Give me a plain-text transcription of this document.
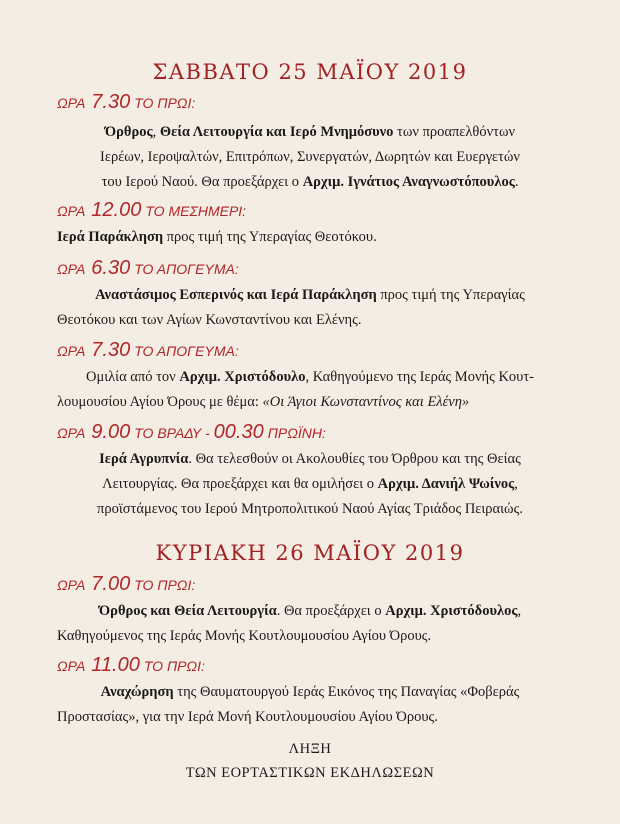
ΣΑΒΒΑΤΟ 25 ΜΑΪΟΥ 2019
ΩΡΑ 7.30 ΤΟ ΠΡΩΙ:
Όρθρος, Θεία Λειτουργία και Ιερό Μνημόσυνο των προαπελθόντων
Ιερέων, Ιεροψαλτών, Επιτρόπων, Συνεργατών, Δωρητών και Ευεργετών
του Ιερού Ναού. Θα προεξάρχει ο Αρχιμ. Ιγνάτιος Αναγνωστόπουλος.
ΩΡΑ 12.00 ΤΟ ΜΕΣΗΜΕΡΙ:
Ιερά Παράκληση προς τιμή της Υπεραγίας Θεοτόκου.
ΩΡΑ 6.30 ΤΟ ΑΠΟΓΕΥΜΑ:
Αναστάσιμος Εσπερινός και Ιερά Παράκληση προς τιμή της Υπεραγίας
Θεοτόκου και των Αγίων Κωνσταντίνου και Ελένης.
ΩΡΑ 7.30 ΤΟ ΑΠΟΓΕΥΜΑ:
Ομιλία από τον Αρχιμ. Χριστόδουλο, Καθηγούμενο της Ιεράς Μονής Κουτ-
λουμουσίου Αγίου Όρους με θέμα: «Οι Άγιοι Κωνσταντίνος και Ελένη»
ΩΡΑ 9.00 ΤΟ ΒΡΑΔΥ - 00.30 ΠΡΩΪΝΗ:
Ιερά Αγρυπνία. Θα τελεσθούν οι Ακολουθίες του Όρθρου και της Θείας
Λειτουργίας. Θα προεξάρχει και θα ομιλήσει ο Αρχιμ. Δανιήλ Ψωίνος,
προϊστάμενος του Ιερού Μητροπολιτικού Ναού Αγίας Τριάδος Πειραιώς.
ΚΥΡΙΑΚΗ 26 ΜΑΪΟΥ 2019
ΩΡΑ 7.00 ΤΟ ΠΡΩΙ:
Όρθρος και Θεία Λειτουργία. Θα προεξάρχει ο Αρχιμ. Χριστόδουλος,
Καθηγούμενος της Ιεράς Μονής Κουτλουμουσίου Αγίου Όρους.
ΩΡΑ 11.00 ΤΟ ΠΡΩΙ:
Αναχώρηση της Θαυματουργού Ιεράς Εικόνος της Παναγίας «Φοβεράς
Προστασίας», για την Ιερά Μονή Κουτλουμουσίου Αγίου Όρους.
ΛΗΞΗ
ΤΩΝ ΕΟΡΤΑΣΤΙΚΩΝ ΕΚΔΗΛΩΣΕΩΝ
